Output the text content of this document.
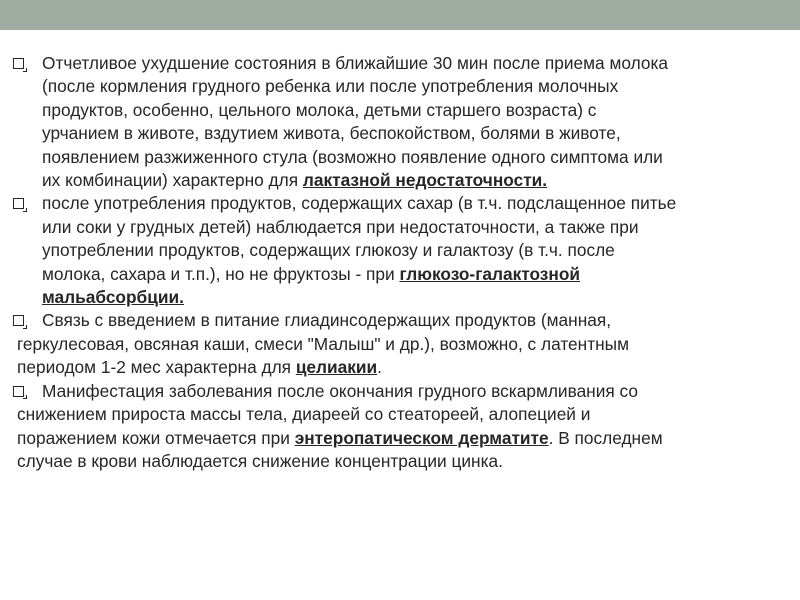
Отчетливое ухудшение состояния в ближайшие 30 мин после приема молока
(после кормления грудного ребенка или после употребления молочных
продуктов, особенно, цельного молока, детьми старшего возраста) с
урчанием в животе, вздутием живота, беспокойством, болями в животе,
появлением разжиженного стула (возможно появление одного симптома или
их комбинации) характерно для лактазной недостаточности.
после употребления продуктов, содержащих сахар (в т.ч. подслащенное питье
или соки у грудных детей) наблюдается при недостаточности, а также при
употреблении продуктов, содержащих глюкозу и галактозу (в т.ч. после
молока, сахара и т.п.), но не фруктозы - при глюкозо-галактозной
мальабсорбции.
Связь с введением в питание глиадинсодержащих продуктов (манная,
геркулесовая, овсяная каши, смеси "Малыш" и др.), возможно, с латентным
периодом 1-2 мес характерна для целиакии.
Манифестация заболевания после окончания грудного вскармливания со
снижением прироста массы тела, диареей со стеатореей, алопецией и
поражением кожи отмечается при энтеропатическом дерматите. В последнем
случае в крови наблюдается снижение концентрации цинка.
